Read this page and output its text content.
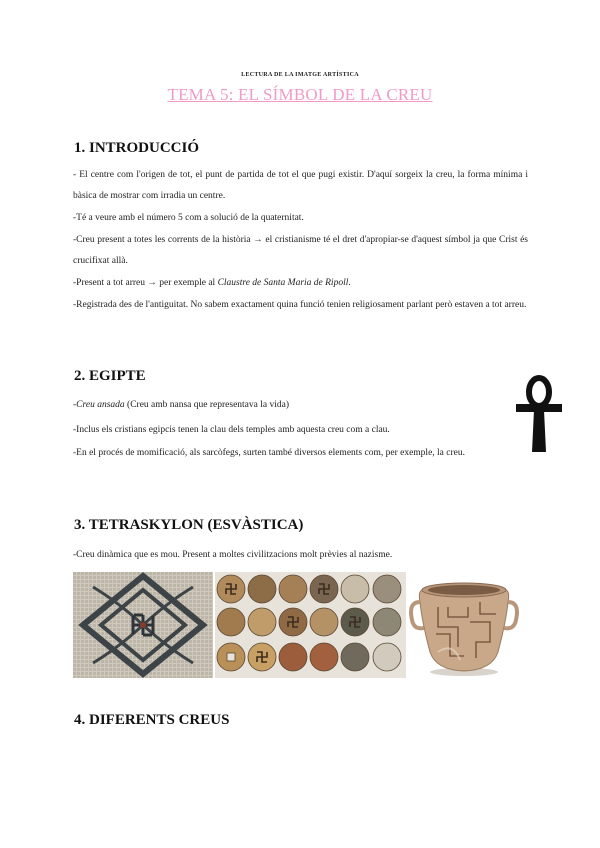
LECTURA DE LA IMATGE ARTÍSTICA
TEMA 5: EL SÍMBOL DE LA CREU
1. INTRODUCCIÓ

- El centre com l'origen de tot, el punt de partida de tot el que pugi existir. D'aquí sorgeix la creu, la forma mínima i bàsica de mostrar com irradia un centre.

-Té a veure amb el número 5 com a solució de la quaternitat.

-Creu present a totes les corrents de la història → el cristianisme té el dret d'apropiar-se d'aquest símbol ja que Crist és crucifixat allà.

-Present a tot arreu → per exemple al Claustre de Santa Maria de Ripoll.

-Registrada des de l'antiguitat. No sabem exactament quina funció tenien religiosament parlant però estaven a tot arreu.

2. EGIPTE

-Creu ansada (Creu amb nansa que representava la vida)

-Inclus els cristians egipcis tenen la clau dels temples amb aquesta creu com a clau.

-En el procés de momificació, als sarcòfegs, surten també diversos elements com, per exemple, la creu.

3. TETRASKYLON (ESVÀSTICA)

-Creu dinàmica que es mou. Present a moltes civilitzacions molt prèvies al nazisme.

4. DIFERENTS CREUS
